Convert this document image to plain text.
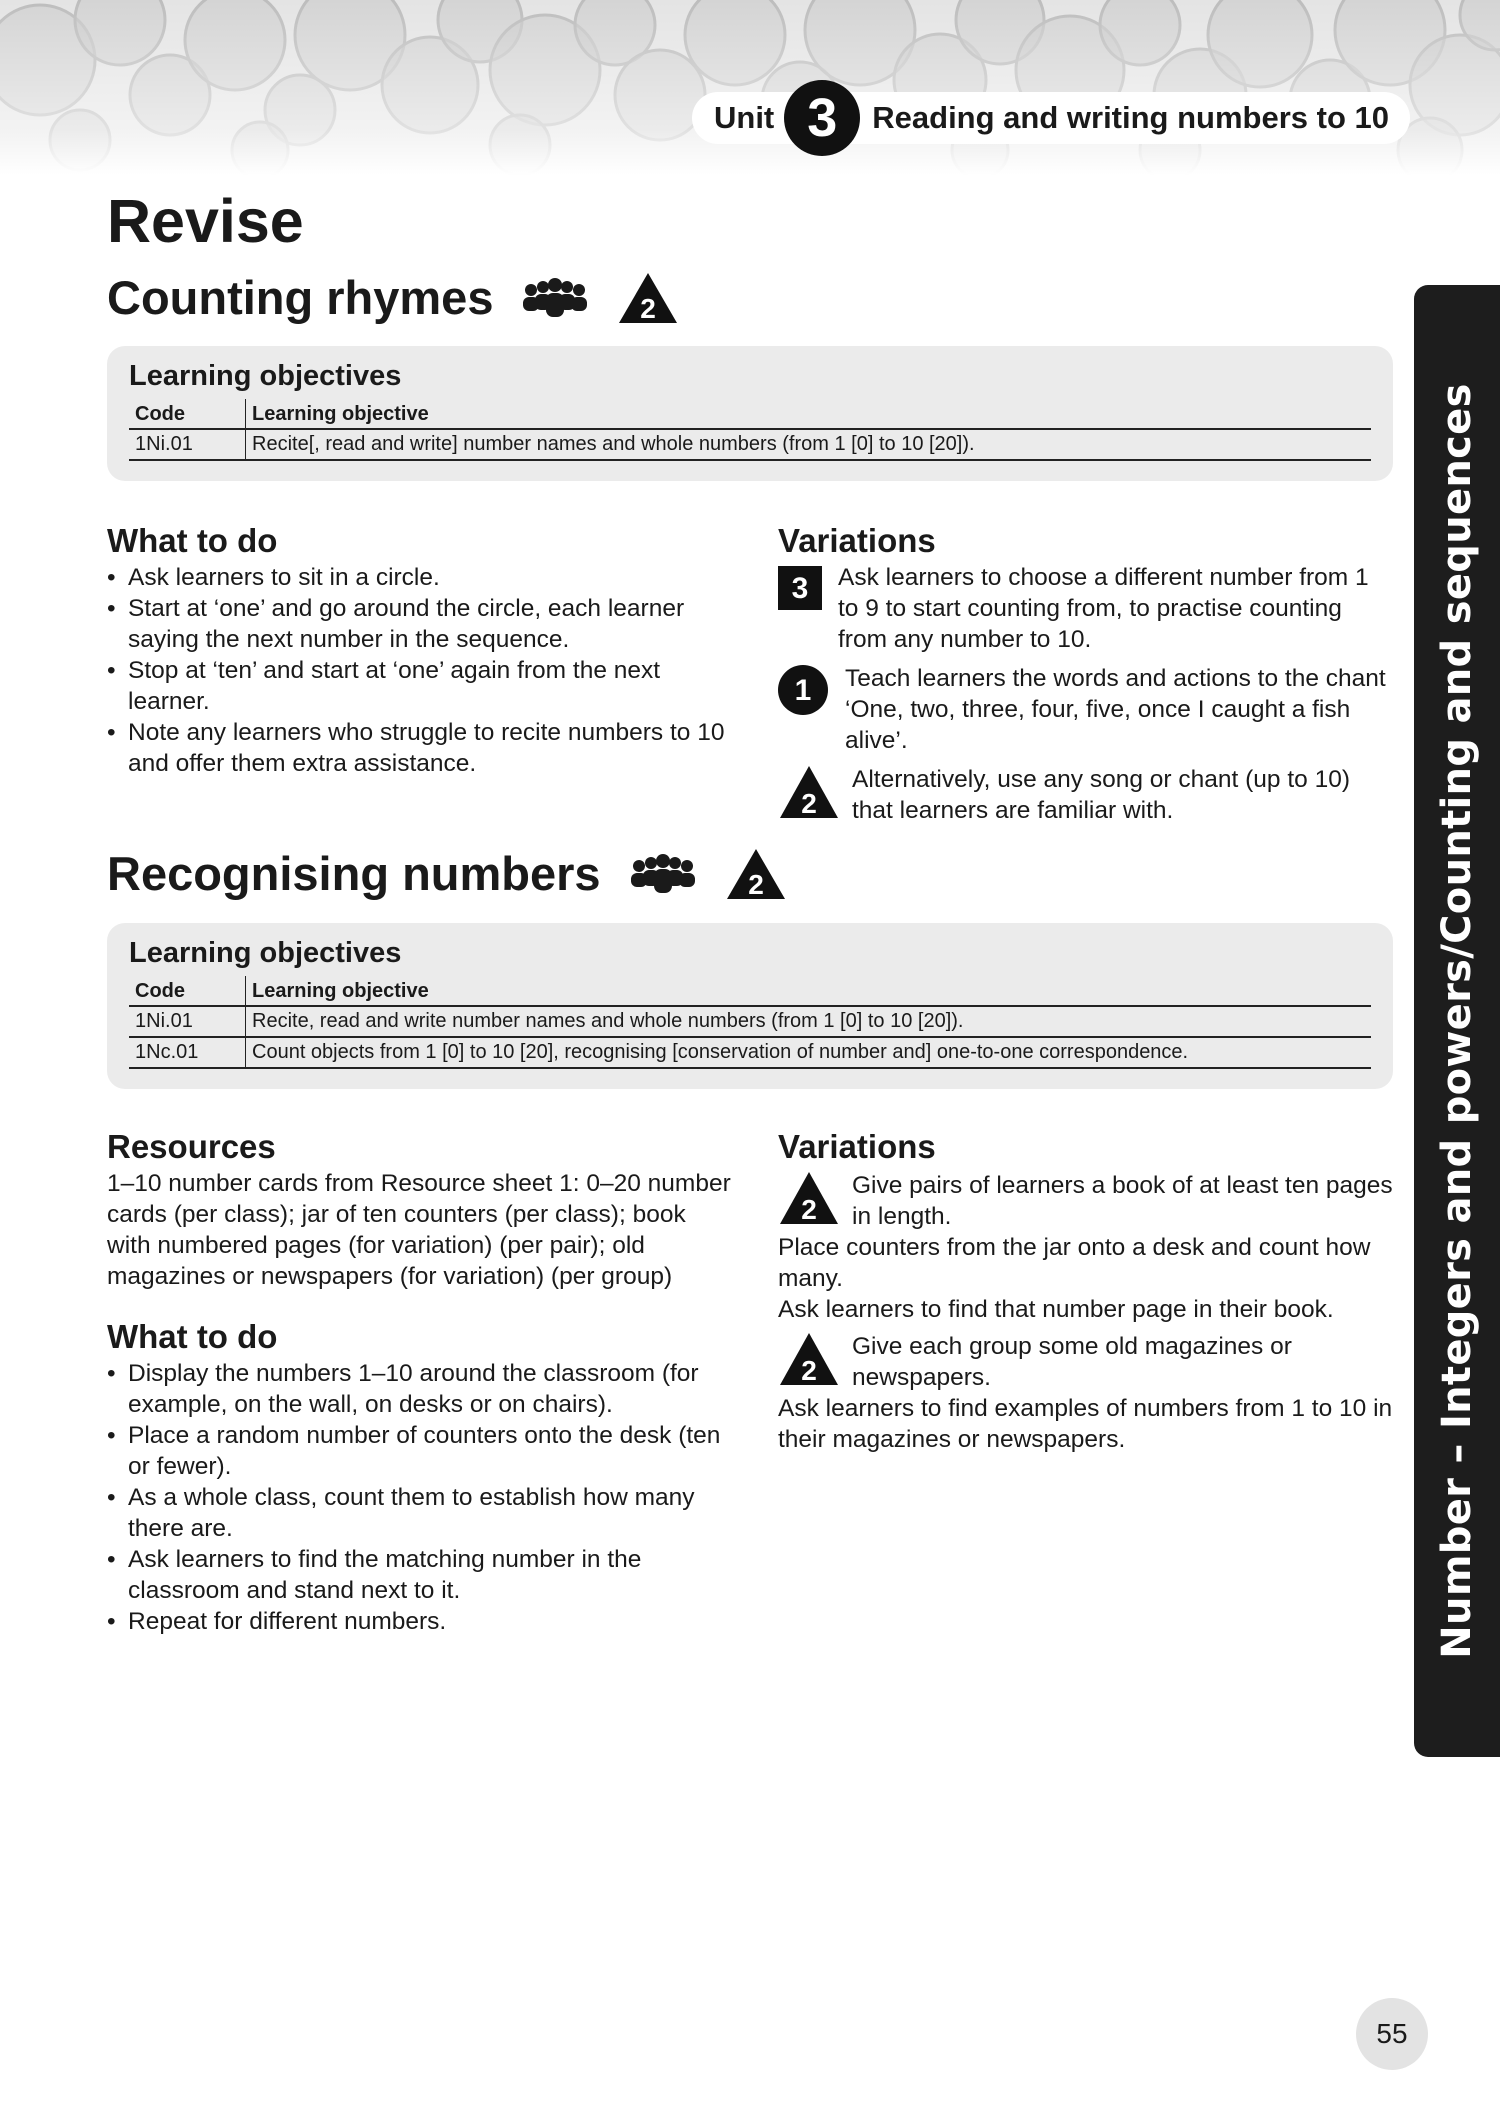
Unit 3	Reading and writing numbers to 10
Number – Integers and powers/Counting and sequences
Revise
Counting rhymes	2
Learning objectives
Code	Learning objective
1Ni.01	Recite[, read and write] number names and whole numbers (from 1 [0] to 10 [20]).
What to do
• Ask learners to sit in a circle.
• Start at ‘one’ and go around the circle, each learner saying the next number in the sequence.
• Stop at ‘ten’ and start at ‘one’ again from the next learner.
• Note any learners who struggle to recite numbers to 10 and offer them extra assistance.
Variations
3	Ask learners to choose a different number from 1 to 9 to start counting from, to practise counting from any number to 10.
1	Teach learners the words and actions to the chant ‘One, two, three, four, five, once I caught a fish alive’.
2
Alternatively, use any song or chant (up to 10) that learners are familiar with.
Recognising numbers	2
Learning objectives
Code	Learning objective
1Ni.01	Recite, read and write number names and whole numbers (from 1 [0] to 10 [20]).
1Nc.01	Count objects from 1 [0] to 10 [20], recognising [conservation of number and] one-to-one correspondence.
Resources

1–10 number cards from Resource sheet 1: 0–20 number cards (per class); jar of ten counters (per class); book with numbered pages (for variation) (per pair); old magazines or newspapers (for variation) (per group)

What to do
• Display the numbers 1–10 around the classroom (for example, on the wall, on desks or on chairs).
• Place a random number of counters onto the desk (ten or fewer).
• As a whole class, count them to establish how many there are.
• Ask learners to find the matching number in the classroom and stand next to it.
• Repeat for different numbers.
Variations
2
Give pairs of learners a book of at least ten pages in length.

Place counters from the jar onto a desk and count how many.

Ask learners to find that number page in their book.

2
Give each group some old magazines or newspapers.

Ask learners to find examples of numbers from 1 to 10 in their magazines or newspapers.

55
